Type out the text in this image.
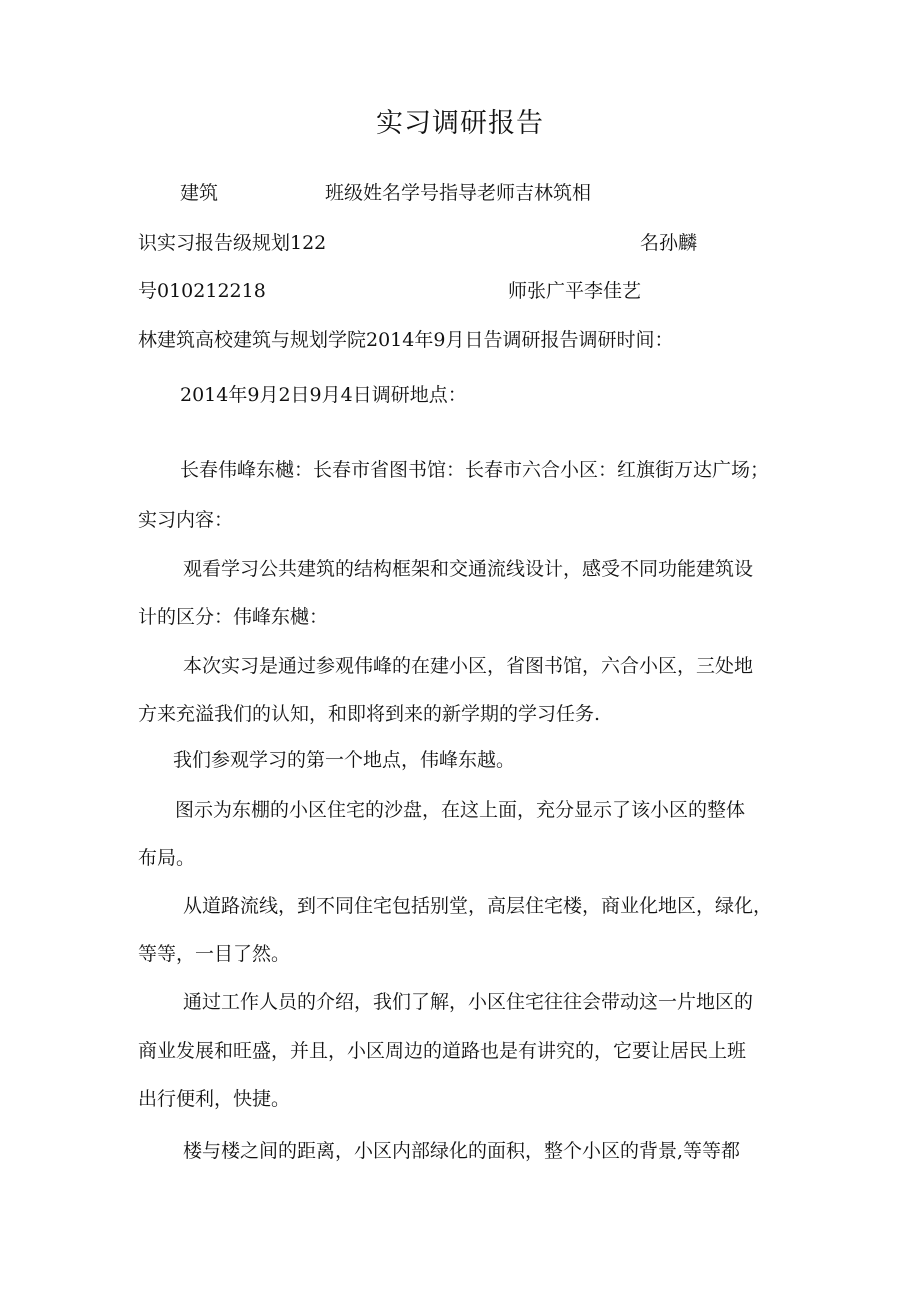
实习调研报告
建筑	班级姓名学号指导老师吉林筑相
识实习报告级规划122	名孙麟
号010212218	师张广平李佳艺
林建筑高校建筑与规划学院2014年9月日告调研报告调研时间：
2014年9月2日9月4日调研地点：
长春伟峰东樾：长春市省图书馆：长春市六合小区：红旗街万达广场；
实习内容：
观看学习公共建筑的结构框架和交通流线设计，感受不同功能建筑设
计的区分：伟峰东樾：
本次实习是通过参观伟峰的在建小区，省图书馆，六合小区，三处地
方来充溢我们的认知，和即将到来的新学期的学习任务.
我们参观学习的第一个地点，伟峰东越。
图示为东棚的小区住宅的沙盘，在这上面，充分显示了该小区的整体
布局。
从道路流线，到不同住宅包括别堂，高层住宅楼，商业化地区，绿化，
等等，一目了然。
通过工作人员的介绍，我们了解，小区住宅往往会带动这一片地区的
商业发展和旺盛，并且，小区周边的道路也是有讲究的，它要让居民上班
出行便利，快捷。
楼与楼之间的距离，小区内部绿化的面积，整个小区的背景,等等都
